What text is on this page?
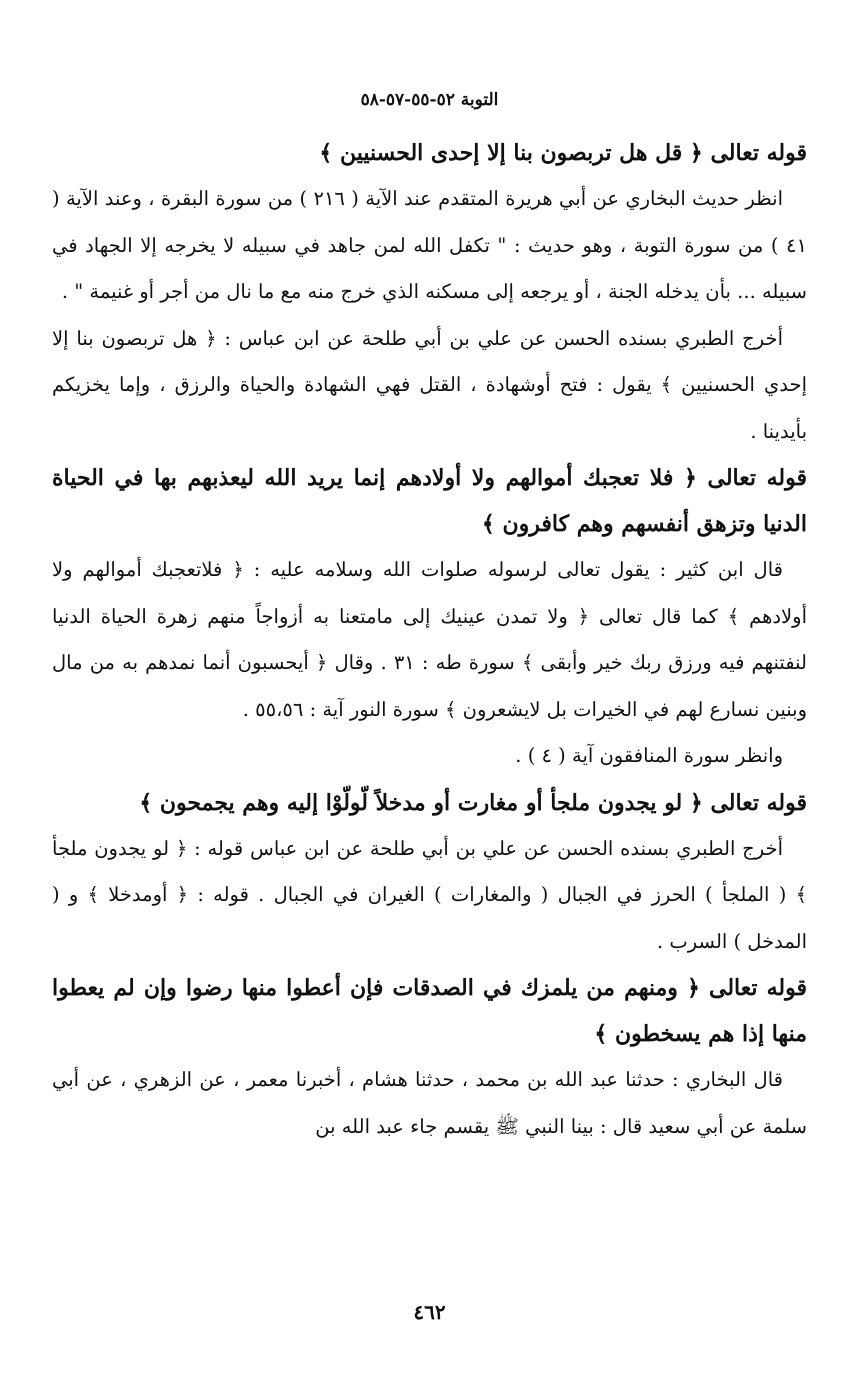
التوبة ٥٢-٥٥-٥٧-٥٨

قوله تعالى ﴿ قل هل تربصون بنا إلا إحدى الحسنيين ﴾

انظر حديث البخاري عن أبي هريرة المتقدم عند الآية ( ٢١٦ ) من سورة البقرة ، وعند الآية ( ٤١ ) من سورة التوبة ، وهو حديث : " تكفل الله لمن جاهد في سبيله لا يخرجه إلا الجهاد في سبيله ... بأن يدخله الجنة ، أو يرجعه إلى مسكنه الذي خرج منه مع ما نال من أجر أو غنيمة " .

أخرج الطبري بسنده الحسن عن علي بن أبي طلحة عن ابن عباس : ﴿ هل تربصون بنا إلا إحدي الحسنيين ﴾ يقول : فتح أوشهادة ، القتل فهي الشهادة والحياة والرزق ، وإما يخزيكم بأيدينا .

قوله تعالى ﴿ فلا تعجبك أموالهم ولا أولادهم إنما يريد الله ليعذبهم بها في الحياة الدنيا وتزهق أنفسهم وهم كافرون ﴾

قال ابن كثير : يقول تعالى لرسوله صلوات الله وسلامه عليه : ﴿ فلاتعجبك أموالهم ولا أولادهم ﴾ كما قال تعالى ﴿ ولا تمدن عينيك إلى مامتعنا به أزواجاً منهم زهرة الحياة الدنيا لنفتنهم فيه ورزق ربك خير وأبقى ﴾ سورة طه : ٣١ . وقال ﴿ أيحسبون أنما نمدهم به من مال وبنين نسارع لهم في الخيرات بل لايشعرون ﴾ سورة النور آية : ٥٥،٥٦ .

وانظر سورة المنافقون آية ( ٤ ) .

قوله تعالى ﴿ لو يجدون ملجأ أو مغارت أو مدخلاً لّولّوْا إليه وهم يجمحون ﴾

أخرج الطبري بسنده الحسن عن علي بن أبي طلحة عن ابن عباس قوله : ﴿ لو يجدون ملجأ ﴾ ( الملجأ ) الحرز في الجبال ( والمغارات ) الغيران في الجبال . قوله : ﴿ أومدخلا ﴾ و ( المدخل ) السرب .

قوله تعالى ﴿ ومنهم من يلمزك في الصدقات فإن أعطوا منها رضوا وإن لم يعطوا منها إذا هم يسخطون ﴾

قال البخاري : حدثنا عبد الله بن محمد ، حدثنا هشام ، أخبرنا معمر ، عن الزهري ، عن أبي سلمة عن أبي سعيد قال : بينا النبي ﷺ يقسم جاء عبد الله بن

٤٦٢
